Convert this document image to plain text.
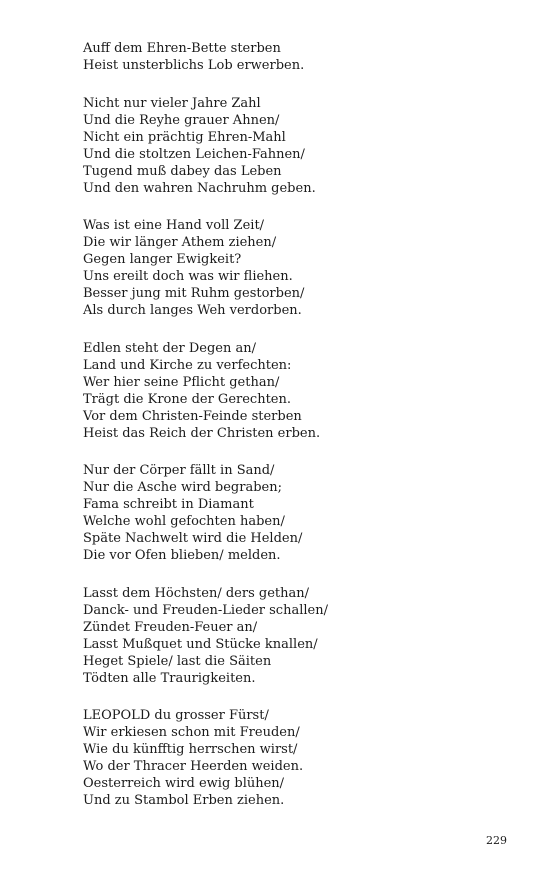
Auff dem Ehren-Bette sterben
Heist unsterblichs Lob erwerben.
Nicht nur vieler Jahre Zahl
Und die Reyhe grauer Ahnen/
Nicht ein prächtig Ehren-Mahl
Und die stoltzen Leichen-Fahnen/
Tugend muß dabey das Leben
Und den wahren Nachruhm geben.
Was ist eine Hand voll Zeit/
Die wir länger Athem ziehen/
Gegen langer Ewigkeit?
Uns ereilt doch was wir fliehen.
Besser jung mit Ruhm gestorben/
Als durch langes Weh verdorben.
Edlen steht der Degen an/
Land und Kirche zu verfechten:
Wer hier seine Pflicht gethan/
Trägt die Krone der Gerechten.
Vor dem Christen-Feinde sterben
Heist das Reich der Christen erben.
Nur der Cörper fällt in Sand/
Nur die Asche wird begraben;
Fama schreibt in Diamant
Welche wohl gefochten haben/
Späte Nachwelt wird die Helden/
Die vor Ofen blieben/ melden.
Lasst dem Höchsten/ ders gethan/
Danck- und Freuden-Lieder schallen/
Zündet Freuden-Feuer an/
Lasst Mußquet und Stücke knallen/
Heget Spiele/ last die Säiten
Tödten alle Traurigkeiten.
LEOPOLD du grosser Fürst/
Wir erkiesen schon mit Freuden/
Wie du künfftig herrschen wirst/
Wo der Thracer Heerden weiden.
Oesterreich wird ewig blühen/
Und zu Stambol Erben ziehen.
229
